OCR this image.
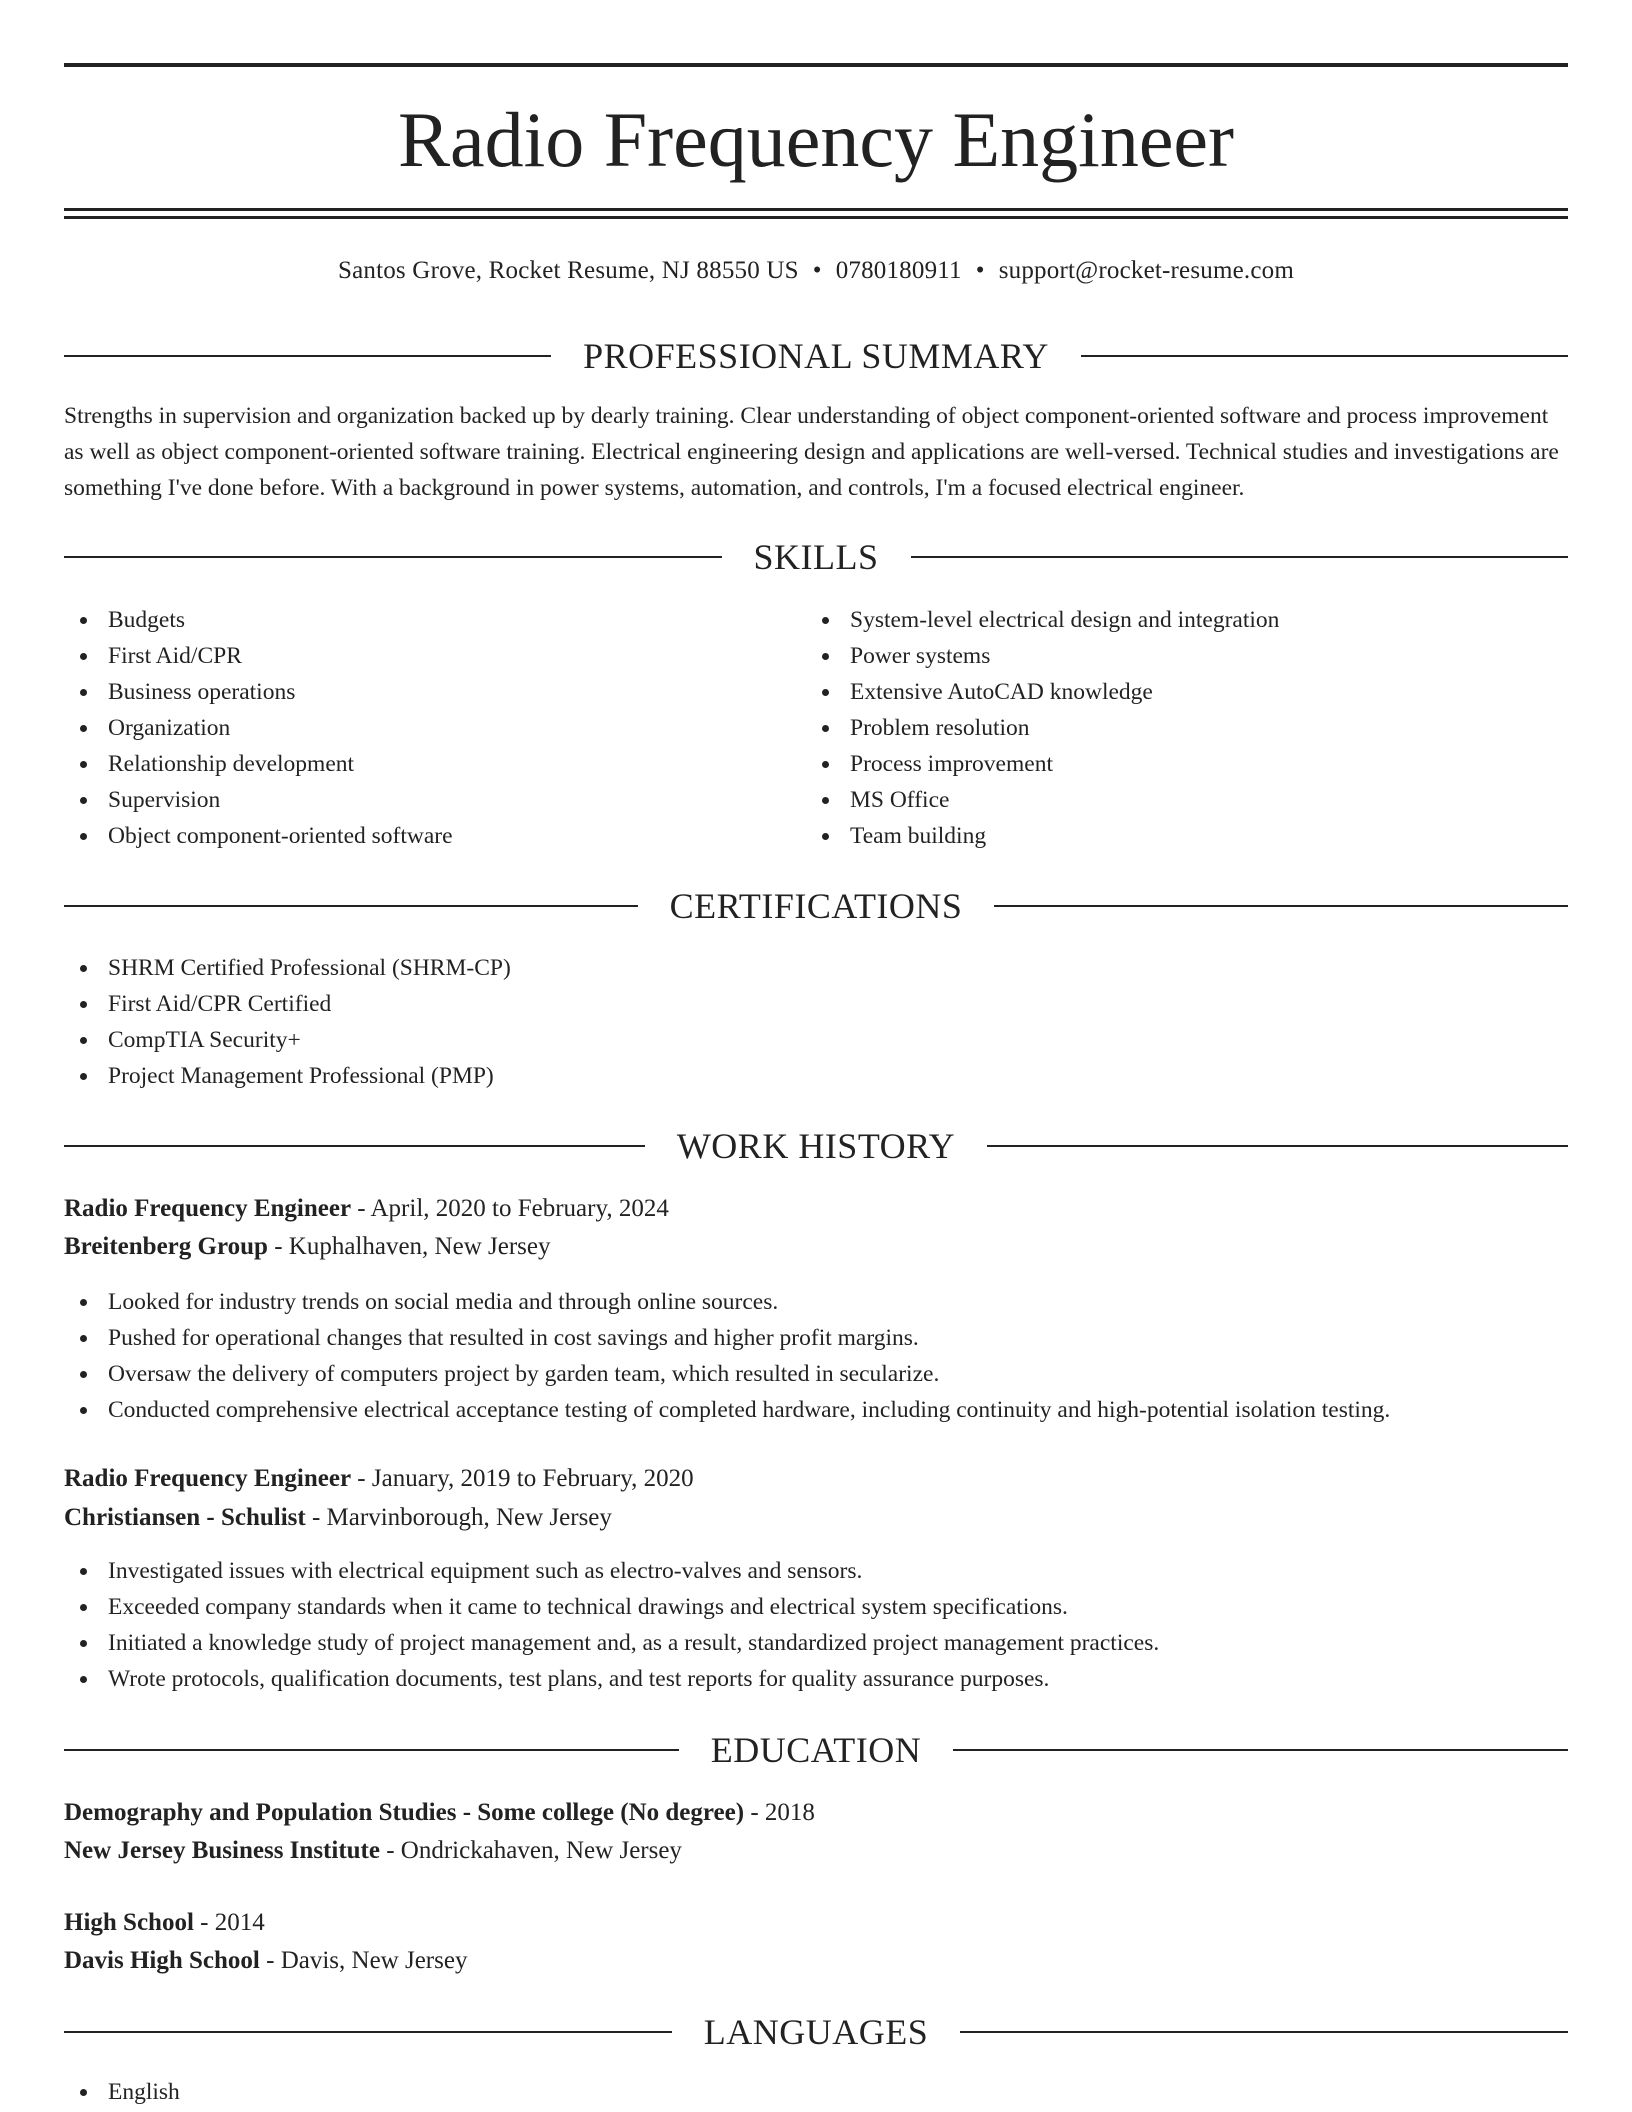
Radio Frequency Engineer
Santos Grove, Rocket Resume, NJ 88550 US • 0780180911 • support@rocket-resume.com
PROFESSIONAL SUMMARY

Strengths in supervision and organization backed up by dearly training. Clear understanding of object component-oriented software and process improvement as well as object component-oriented software training. Electrical engineering design and applications are well-versed. Technical studies and investigations are something I've done before. With a background in power systems, automation, and controls, I'm a focused electrical engineer.

SKILLS
Budgets
First Aid/CPR
Business operations
Organization
Relationship development
Supervision
Object component-oriented software
System-level electrical design and integration
Power systems
Extensive AutoCAD knowledge
Problem resolution
Process improvement
MS Office
Team building
CERTIFICATIONS
SHRM Certified Professional (SHRM-CP)
First Aid/CPR Certified
CompTIA Security+
Project Management Professional (PMP)
WORK HISTORY
Radio Frequency Engineer - April, 2020 to February, 2024
Breitenberg Group - Kuphalhaven, New Jersey
Looked for industry trends on social media and through online sources.
Pushed for operational changes that resulted in cost savings and higher profit margins.
Oversaw the delivery of computers project by garden team, which resulted in secularize.
Conducted comprehensive electrical acceptance testing of completed hardware, including continuity and high-potential isolation testing.
Radio Frequency Engineer - January, 2019 to February, 2020
Christiansen - Schulist - Marvinborough, New Jersey
Investigated issues with electrical equipment such as electro-valves and sensors.
Exceeded company standards when it came to technical drawings and electrical system specifications.
Initiated a knowledge study of project management and, as a result, standardized project management practices.
Wrote protocols, qualification documents, test plans, and test reports for quality assurance purposes.
EDUCATION
Demography and Population Studies - Some college (No degree) - 2018
New Jersey Business Institute - Ondrickahaven, New Jersey
High School - 2014
Davis High School - Davis, New Jersey
LANGUAGES
English
